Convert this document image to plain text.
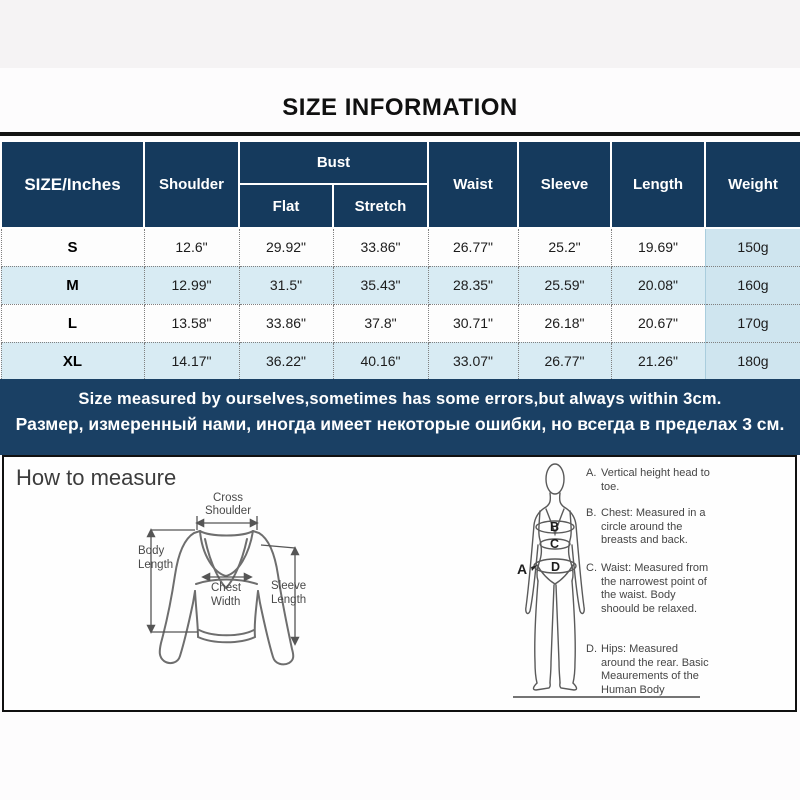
SIZE INFORMATION
SIZE/Inches	Shoulder	Bust		Waist	Sleeve	Length	Weight
		Flat	Stretch				
S	12.6"	29.92"	33.86"	26.77"	25.2"	19.69"	150g
M	12.99"	31.5"	35.43"	28.35"	25.59"	20.08"	160g
L	13.58"	33.86"	37.8"	30.71"	26.18"	20.67"	170g
XL	14.17"	36.22"	40.16"	33.07"	26.77"	21.26"	180g
Size measured by ourselves,sometimes has some errors,but always within 3cm.
Размер, измеренный нами, иногда имеет некоторые ошибки, но всегда в пределах 3 см.
How to measure
Cross
Shoulder
Body
Length
Chest
Width
Sleeve
Length
A
B
C
D
A. Vertical height head to toe.
B. Chest: Measured in a circle around the breasts and back.
C. Waist: Measured from the narrowest point of the waist. Body shoould be relaxed.
D. Hips: Measured around the rear. Basic Meaurements of the Human Body
